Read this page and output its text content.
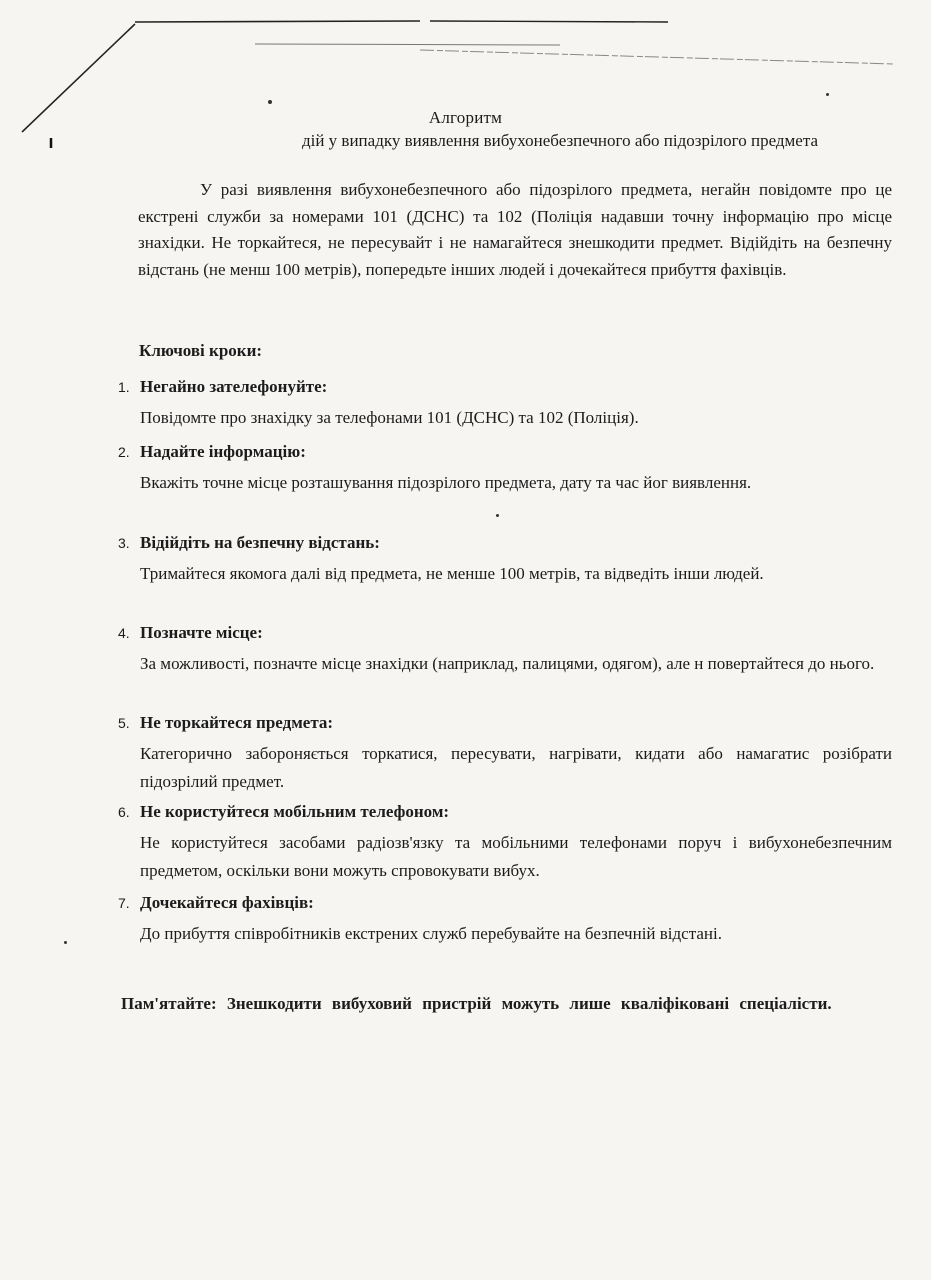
Алгоритм
дій у випадку виявлення вибухонебезпечного або підозрілого предмета
У разі виявлення вибухонебезпечного або підозрілого предмета, негайн повідомте про це екстрені служби за номерами 101 (ДСНС) та 102 (Поліція надавши точну інформацію про місце знахідки. Не торкайтеся, не пересувайт і не намагайтеся знешкодити предмет. Відійдіть на безпечну відстань (не менш 100 метрів), попередьте інших людей і дочекайтеся прибуття фахівців.
Ключові кроки:
1. Негайно зателефонуйте:
Повідомте про знахідку за телефонами 101 (ДСНС) та 102 (Поліція).
2. Надайте інформацію:
Вкажіть точне місце розташування підозрілого предмета, дату та час йог виявлення.
3. Відійдіть на безпечну відстань:
Тримайтеся якомога далі від предмета, не менше 100 метрів, та відведіть інши людей.
4. Позначте місце:
За можливості, позначте місце знахідки (наприклад, палицями, одягом), але н повертайтеся до нього.
5. Не торкайтеся предмета:
Категорично забороняється торкатися, пересувати, нагрівати, кидати або намагатис розібрати підозрілий предмет.
6. Не користуйтеся мобільним телефоном:
Не користуйтеся засобами радіозв'язку та мобільними телефонами поруч і вибухонебезпечним предметом, оскільки вони можуть спровокувати вибух.
7. Дочекайтеся фахівців:
До прибуття співробітників екстрених служб перебувайте на безпечній відстані.
Пам'ятайте: Знешкодити вибуховий пристрій можуть лише кваліфіковані спеціалісти.
